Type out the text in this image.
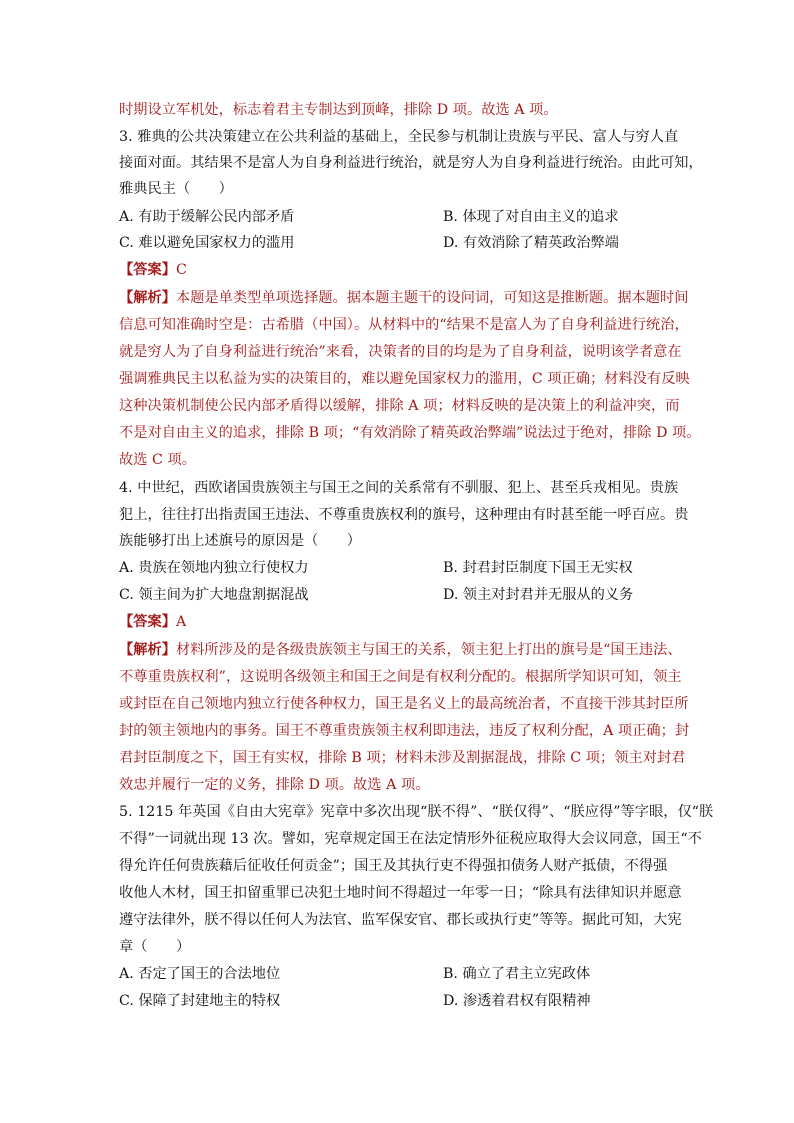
时期设立军机处，标志着君主专制达到顶峰，排除 D 项。故选 A 项。
3. 雅典的公共决策建立在公共利益的基础上，全民参与机制让贵族与平民、富人与穷人直
接面对面。其结果不是富人为自身利益进行统治，就是穷人为自身利益进行统治。由此可知，
雅典民主（　　）
A. 有助于缓解公民内部矛盾	B. 体现了对自由主义的追求
C. 难以避免国家权力的滥用	D. 有效消除了精英政治弊端
【答案】C
【解析】本题是单类型单项选择题。据本题主题干的设问词，可知这是推断题。据本题时间
信息可知准确时空是：古希腊（中国）。从材料中的“结果不是富人为了自身利益进行统治，
就是穷人为了自身利益进行统治”来看，决策者的目的均是为了自身利益，说明该学者意在
强调雅典民主以私益为实的决策目的，难以避免国家权力的滥用，C 项正确；材料没有反映
这种决策机制使公民内部矛盾得以缓解，排除 A 项；材料反映的是决策上的利益冲突，而
不是对自由主义的追求，排除 B 项；“有效消除了精英政治弊端”说法过于绝对，排除 D 项。
故选 C 项。
4. 中世纪，西欧诸国贵族领主与国王之间的关系常有不驯服、犯上、甚至兵戎相见。贵族
犯上，往往打出指责国王违法、不尊重贵族权利的旗号，这种理由有时甚至能一呼百应。贵
族能够打出上述旗号的原因是（　　）
A. 贵族在领地内独立行使权力	B. 封君封臣制度下国王无实权
C. 领主间为扩大地盘割据混战	D. 领主对封君并无服从的义务
【答案】A
【解析】材料所涉及的是各级贵族领主与国王的关系，领主犯上打出的旗号是“国王违法、
不尊重贵族权利”，这说明各级领主和国王之间是有权利分配的。根据所学知识可知，领主
或封臣在自己领地内独立行使各种权力，国王是名义上的最高统治者，不直接干涉其封臣所
封的领主领地内的事务。国王不尊重贵族领主权利即违法，违反了权利分配，A 项正确；封
君封臣制度之下，国王有实权，排除 B 项；材料未涉及割据混战，排除 C 项；领主对封君
效忠并履行一定的义务，排除 D 项。故选 A 项。
5. 1215 年英国《自由大宪章》宪章中多次出现“朕不得”、“朕仅得”、“朕应得”等字眼，仅“朕
不得”一词就出现 13 次。譬如，宪章规定国王在法定情形外征税应取得大会议同意，国王“不
得允许任何贵族藉后征收任何贡金”；国王及其执行吏不得强扣债务人财产抵债，不得强
收他人木材，国王扣留重罪已决犯土地时间不得超过一年零一日；“除具有法律知识并愿意
遵守法律外，朕不得以任何人为法官、监军保安官、郡长或执行吏”等等。据此可知，大宪
章（　　）
A. 否定了国王的合法地位	B. 确立了君主立宪政体
C. 保障了封建地主的特权	D. 渗透着君权有限精神
